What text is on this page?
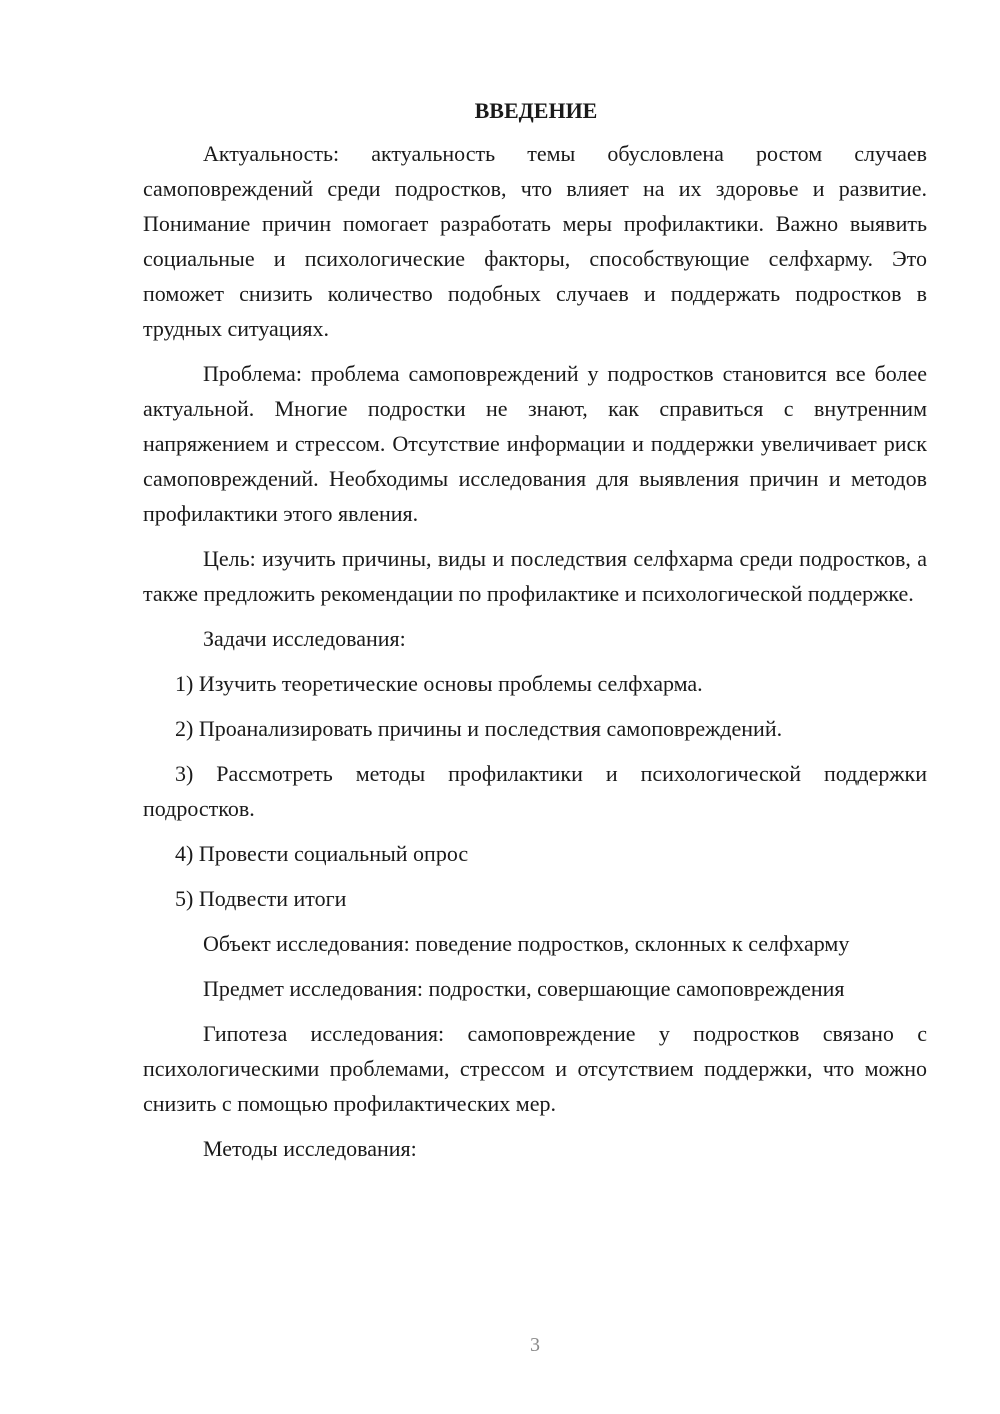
ВВЕДЕНИЕ
Актуальность: актуальность темы обусловлена ростом случаев самоповреждений среди подростков, что влияет на их здоровье и развитие. Понимание причин помогает разработать меры профилактики. Важно выявить социальные и психологические факторы, способствующие селфхарму. Это поможет снизить количество подобных случаев и поддержать подростков в трудных ситуациях.
Проблема: проблема самоповреждений у подростков становится все более актуальной. Многие подростки не знают, как справиться с внутренним напряжением и стрессом. Отсутствие информации и поддержки увеличивает риск самоповреждений. Необходимы исследования для выявления причин и методов профилактики этого явления.
Цель: изучить причины, виды и последствия селфхарма среди подростков, а также предложить рекомендации по профилактике и психологической поддержке.
Задачи исследования:
1) Изучить теоретические основы проблемы селфхарма.
2) Проанализировать причины и последствия самоповреждений.
3) Рассмотреть методы профилактики и психологической поддержки подростков.
4) Провести социальный опрос
5) Подвести итоги
Объект исследования: поведение подростков, склонных к селфхарму
Предмет исследования: подростки, совершающие самоповреждения
Гипотеза исследования: самоповреждение у подростков связано с психологическими проблемами, стрессом и отсутствием поддержки, что можно снизить с помощью профилактических мер.
Методы исследования:
3
